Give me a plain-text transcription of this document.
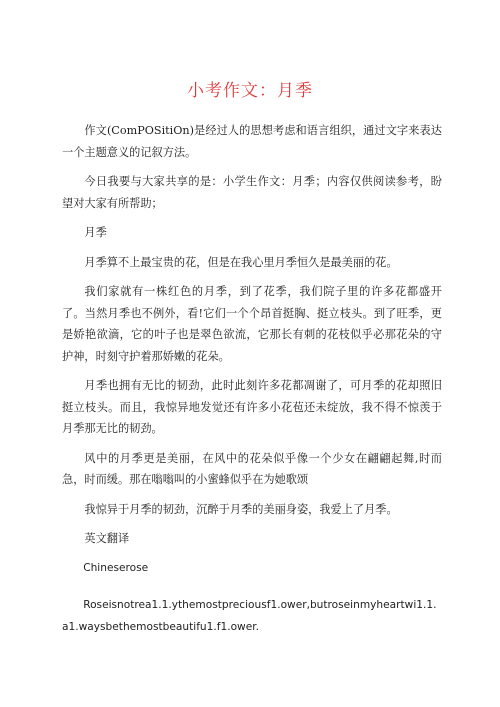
小考作文：月季

作文(ComPOSitiOn)是经过人的思想考虑和语言组织，通过文字来表达一个主题意义的记叙方法。

今日我要与大家共享的是：小学生作文：月季；内容仅供阅读参考，盼望对大家有所帮助；

月季

月季算不上最宝贵的花，但是在我心里月季恒久是最美丽的花。

我们家就有一株红色的月季，到了花季，我们院子里的许多花都盛开了。当然月季也不例外，看!它们一个个昂首挺胸、挺立枝头。到了旺季，更是娇艳欲滴，它的叶子也是翠色欲流，它那长有刺的花枝似乎必那花朵的守护神，时刻守护着那娇嫩的花朵。

月季也拥有无比的韧劲，此时此刻许多花都凋谢了，可月季的花却照旧挺立枝头。而且，我惊异地发觉还有许多小花苞还未绽放，我不得不惊羡于月季那无比的韧劲。

风中的月季更是美丽，在风中的花朵似乎像一个少女在翩翩起舞,时而急，时而缓。那在嗡嗡叫的小蜜蜂似乎在为她歌颂

我惊异于月季的韧劲，沉醉于月季的美丽身姿，我爱上了月季。

英文翻译

Chineserose

Roseisnotrea1.1.ythemostpreciousf1.ower,butroseinmyheartwi1.1.a1.waysbethemostbeautifu1.f1.ower.
